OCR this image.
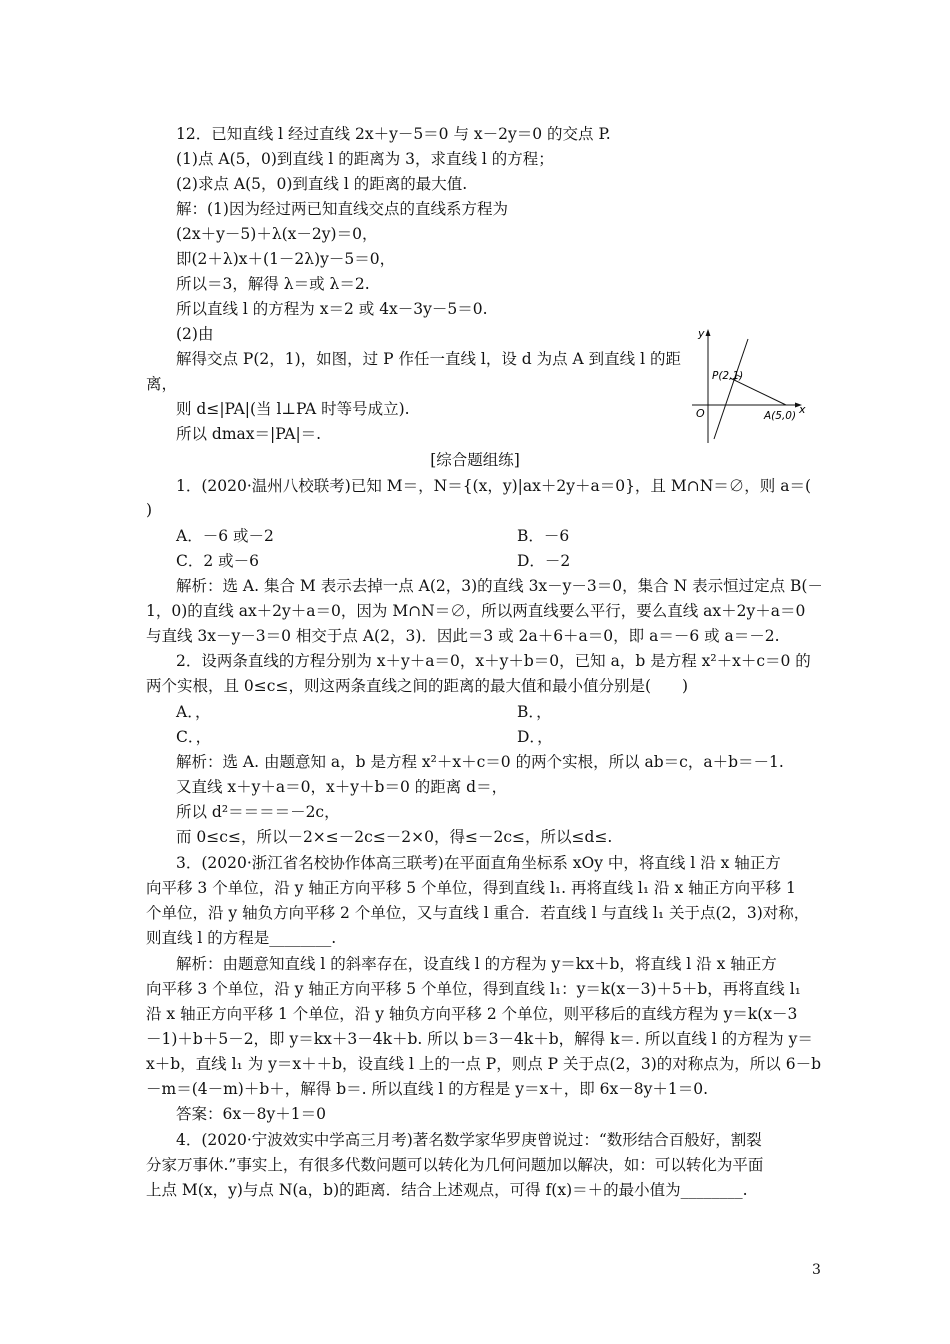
12．已知直线 l 经过直线 2x＋y－5＝0 与 x－2y＝0 的交点 P.
(1)点 A(5，0)到直线 l 的距离为 3，求直线 l 的方程；
(2)求点 A(5，0)到直线 l 的距离的最大值.
解：(1)因为经过两已知直线交点的直线系方程为
(2x＋y－5)＋λ(x－2y)＝0，
即(2＋λ)x＋(1－2λ)y－5＝0，
所以＝3，解得 λ＝或 λ＝2.
所以直线 l 的方程为 x＝2 或 4x－3y－5＝0.
(2)由
解得交点 P(2，1)，如图，过 P 作任一直线 l，设 d 为点 A 到直线 l 的距
离，
则 d≤|PA|(当 l⊥PA 时等号成立).
所以 dmax＝|PA|＝.
y
x
O
P(2,1)
A(5,0)
[综合题组练]
1．(2020·温州八校联考)已知 M＝，N＝{(x，y)|ax＋2y＋a＝0}，且 M∩N＝∅，则 a＝(
)
A．－6 或－2	B．－6
C．2 或－6	D．－2
解析：选 A. 集合 M 表示去掉一点 A(2，3)的直线 3x－y－3＝0，集合 N 表示恒过定点 B(－
1，0)的直线 ax＋2y＋a＝0，因为 M∩N＝∅，所以两直线要么平行，要么直线 ax＋2y＋a＝0
与直线 3x－y－3＝0 相交于点 A(2，3)．因此＝3 或 2a＋6＋a＝0，即 a＝－6 或 a＝－2.
2．设两条直线的方程分别为 x＋y＋a＝0，x＋y＋b＝0，已知 a，b 是方程 x²＋x＋c＝0 的
两个实根，且 0≤c≤，则这两条直线之间的距离的最大值和最小值分别是(　　)
A．，	B．，
C．，	D．，
解析：选 A. 由题意知 a，b 是方程 x²＋x＋c＝0 的两个实根，所以 ab＝c，a＋b＝－1.
又直线 x＋y＋a＝0，x＋y＋b＝0 的距离 d＝，
所以 d²＝＝＝＝－2c，
而 0≤c≤，所以－2×≤－2c≤－2×0，得≤－2c≤，所以≤d≤.
3．(2020·浙江省名校协作体高三联考)在平面直角坐标系 xOy 中，将直线 l 沿 x 轴正方
向平移 3 个单位，沿 y 轴正方向平移 5 个单位，得到直线 l₁. 再将直线 l₁ 沿 x 轴正方向平移 1
个单位，沿 y 轴负方向平移 2 个单位，又与直线 l 重合．若直线 l 与直线 l₁ 关于点(2，3)对称，
则直线 l 的方程是________.
解析：由题意知直线 l 的斜率存在，设直线 l 的方程为 y＝kx＋b，将直线 l 沿 x 轴正方
向平移 3 个单位，沿 y 轴正方向平移 5 个单位，得到直线 l₁：y＝k(x－3)＋5＋b，再将直线 l₁
沿 x 轴正方向平移 1 个单位，沿 y 轴负方向平移 2 个单位，则平移后的直线方程为 y＝k(x－3
－1)＋b＋5－2，即 y＝kx＋3－4k＋b. 所以 b＝3－4k＋b，解得 k＝. 所以直线 l 的方程为 y＝
x＋b，直线 l₁ 为 y＝x＋＋b，设直线 l 上的一点 P，则点 P 关于点(2，3)的对称点为，所以 6－b
－m＝(4－m)＋b＋，解得 b＝. 所以直线 l 的方程是 y＝x＋，即 6x－8y＋1＝0.
答案：6x－8y＋1＝0
4．(2020·宁波效实中学高三月考)著名数学家华罗庚曾说过：“数形结合百般好，割裂
分家万事休.”事实上，有很多代数问题可以转化为几何问题加以解决，如：可以转化为平面
上点 M(x，y)与点 N(a，b)的距离．结合上述观点，可得 f(x)＝＋的最小值为________.
3
